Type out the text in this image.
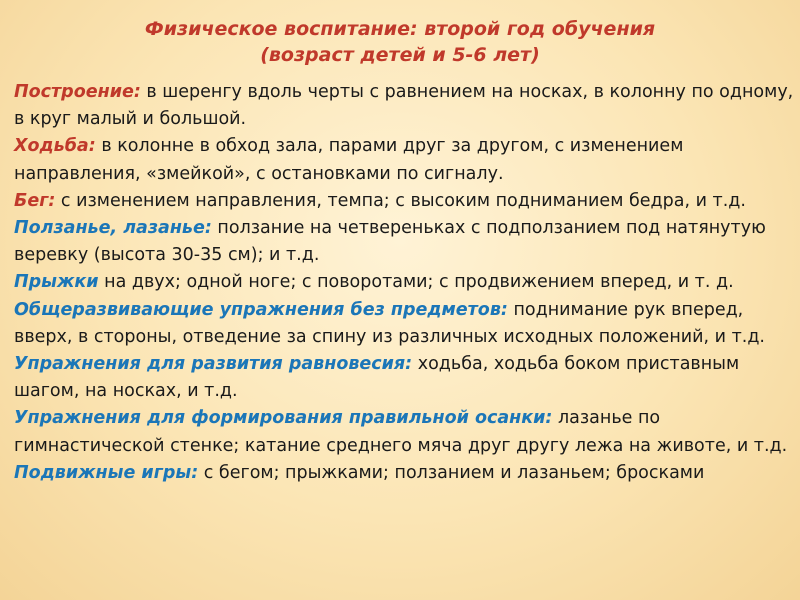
Физическое воспитание: второй год обучения
(возраст детей и 5-6 лет)

Построение: в шеренгу вдоль черты с равнением на носках, в колонну по одному, в круг малый и большой.

Ходьба: в колонне в обход зала, парами друг за другом, с изменением направления, «змейкой», с остановками по сигналу.

Бег: с изменением направления, темпа; с высоким подниманием бедра, и т.д.

Ползанье, лазанье: ползание на четвереньках с подползанием под натянутую веревку (высота 30-35 см); и т.д.

Прыжки на двух; одной ноге; с поворотами; с продвижением вперед, и т. д.

Общеразвивающие упражнения без предметов: поднимание рук вперед, вверх, в стороны, отведение за спину из различных исходных положений, и т.д.

Упражнения для развития равновесия: ходьба, ходьба боком приставным шагом, на носках, и т.д.

Упражнения для формирования правильной осанки: лазанье по гимнастической стенке; катание среднего мяча друг другу лежа на животе, и т.д.

Подвижные игры: с бегом; прыжками; ползанием и лазаньем; бросками
